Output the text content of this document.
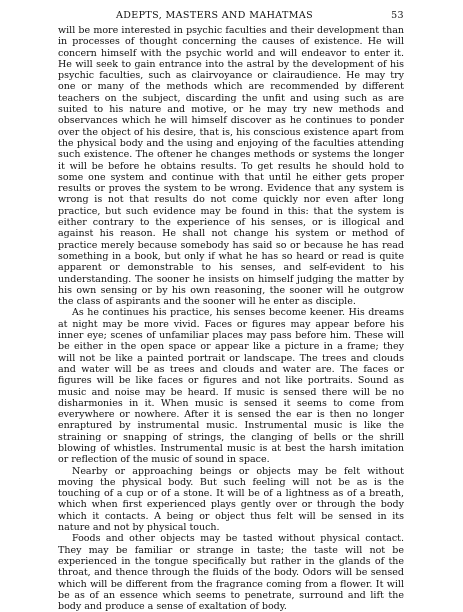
ADEPTS, MASTERS AND MAHATMAS	53

will be more interested in psychic faculties and their development than in processes of thought concerning the causes of existence. He will concern himself with the psychic world and will endeavor to enter it. He will seek to gain entrance into the astral by the development of his psychic faculties, such as clairvoyance or clairaudience. He may try one or many of the methods which are recommended by different teachers on the subject, discarding the unfit and using such as are suited to his nature and motive, or he may try new methods and observances which he will himself discover as he continues to ponder over the object of his desire, that is, his conscious existence apart from the physical body and the using and enjoying of the faculties attending such existence. The oftener he changes methods or systems the longer it will be before he obtains results. To get results he should hold to some one system and continue with that until he either gets proper results or proves the system to be wrong. Evidence that any system is wrong is not that results do not come quickly nor even after long practice, but such evidence may be found in this: that the system is either contrary to the experience of his senses, or is illogical and against his reason. He shall not change his system or method of practice merely because somebody has said so or because he has read something in a book, but only if what he has so heard or read is quite apparent or demonstrable to his senses, and self-evident to his understanding. The sooner he insists on himself judging the matter by his own sensing or by his own reasoning, the sooner will he outgrow the class of aspirants and the sooner will he enter as disciple.

As he continues his practice, his senses become keener. His dreams at night may be more vivid. Faces or figures may appear before his inner eye; scenes of unfamiliar places may pass before him. These will be either in the open space or appear like a picture in a frame; they will not be like a painted portrait or landscape. The trees and clouds and water will be as trees and clouds and water are. The faces or figures will be like faces or figures and not like portraits. Sound as music and noise may be heard. If music is sensed there will be no disharmonies in it. When music is sensed it seems to come from everywhere or nowhere. After it is sensed the ear is then no longer enraptured by instrumental music. Instrumental music is like the straining or snapping of strings, the clanging of bells or the shrill blowing of whistles. Instrumental music is at best the harsh imitation or reflection of the music of sound in space.

Nearby or approaching beings or objects may be felt without moving the physical body. But such feeling will not be as is the touching of a cup or of a stone. It will be of a lightness as of a breath, which when first experienced plays gently over or through the body which it contacts. A being or object thus felt will be sensed in its nature and not by physical touch.

Foods and other objects may be tasted without physical contact. They may be familiar or strange in taste; the taste will not be experienced in the tongue specifically but rather in the glands of the throat, and thence through the fluids of the body. Odors will be sensed which will be different from the fragrance coming from a flower. It will be as of an essence which seems to penetrate, surround and lift the body and produce a sense of exaltation of body.
